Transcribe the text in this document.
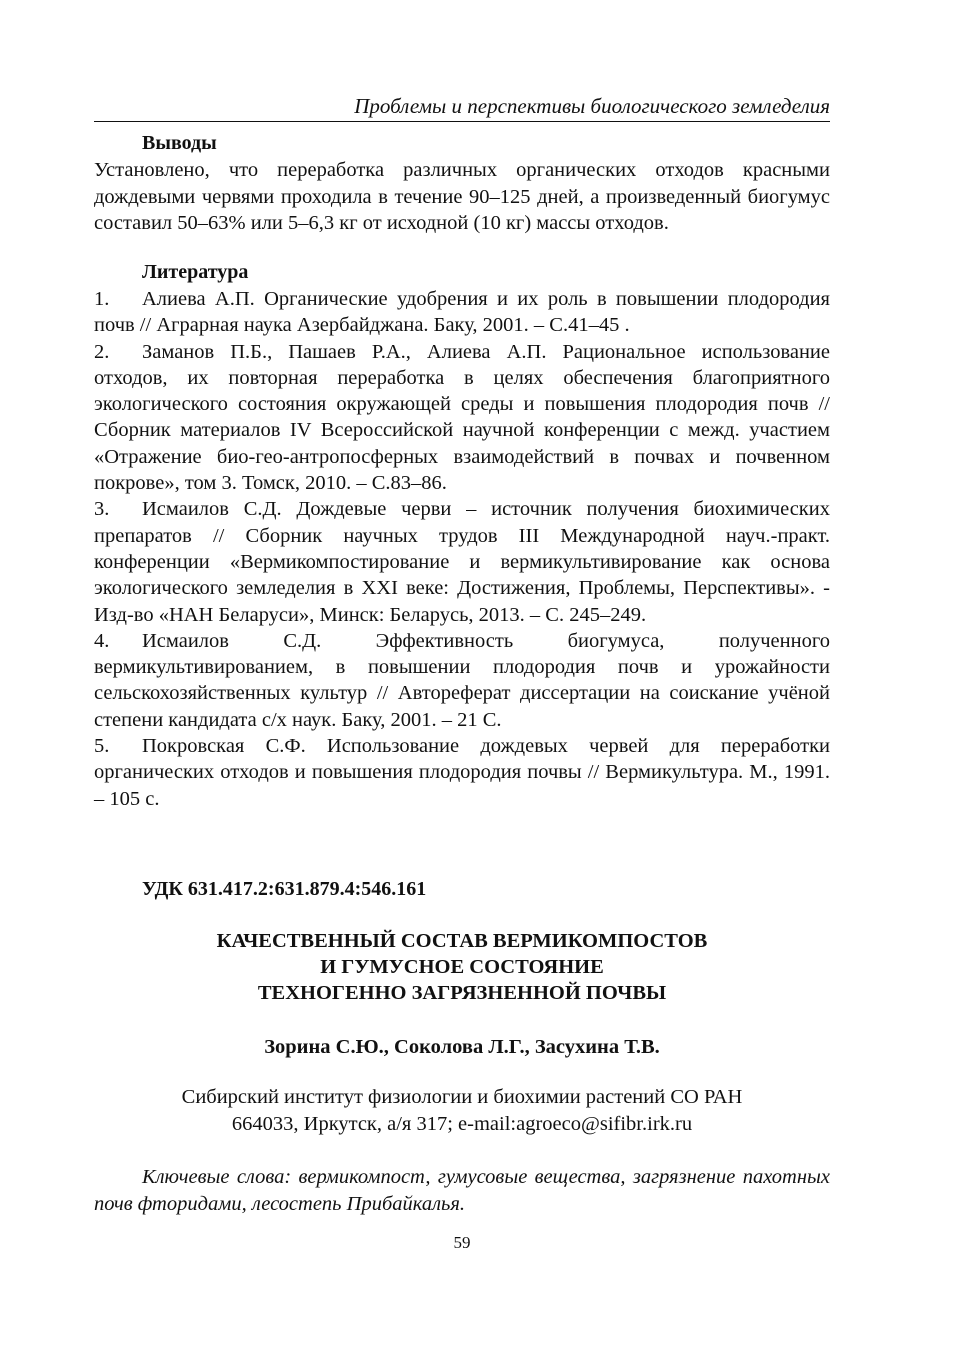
Проблемы и перспективы биологического земледелия
Выводы
Установлено, что переработка различных органических отходов красными дождевыми червями проходила в течение 90–125 дней, а произведенный биогумус составил 50–63% или 5–6,3 кг от исходной (10 кг) массы отходов.
Литература
1. Алиева А.П. Органические удобрения и их роль в повышении плодородия почв // Аграрная наука Азербайджана. Баку, 2001. – С.41–45 .
2. Заманов П.Б., Пашаев Р.А., Алиева А.П. Рациональное использование отходов, их повторная переработка в целях обеспечения благоприятного экологического состояния окружающей среды и повышения плодородия почв // Сборник материалов IV Всероссийской научной конференции с межд. участием «Отражение био-гео-антропосферных взаимодействий в почвах и почвенном покрове», том 3. Томск, 2010. – С.83–86.
3. Исмаилов С.Д. Дождевые черви – источник получения биохимических препаратов // Сборник научных трудов III Международной науч.-практ. конференции «Вермикомпостирование и вермикультивирование как основа экологического земледелия в XXI веке: Достижения, Проблемы, Перспективы». - Изд-во «НАН Беларуси», Минск: Беларусь, 2013. – С. 245–249.
4. Исмаилов С.Д. Эффективность биогумуса, полученного вермикультивированием, в повышении плодородия почв и урожайности сельскохозяйственных культур // Автореферат диссертации на соискание учёной степени кандидата с/х наук. Баку, 2001. – 21 С.
5. Покровская С.Ф. Использование дождевых червей для переработки органических отходов и повышения плодородия почвы // Вермикультура. М., 1991. – 105 с.
УДК 631.417.2:631.879.4:546.161
КАЧЕСТВЕННЫЙ СОСТАВ ВЕРМИКОМПОСТОВ
И ГУМУСНОЕ СОСТОЯНИЕ
ТЕХНОГЕННО ЗАГРЯЗНЕННОЙ ПОЧВЫ
Зорина С.Ю., Соколова Л.Г., Засухина Т.В.
Сибирский институт физиологии и биохимии растений СО РАН
664033, Иркутск, а/я 317; e-mail:agroeco@sifibr.irk.ru
Ключевые слова: вермикомпост, гумусовые вещества, загрязнение пахотных почв фторидами, лесостепь Прибайкалья.
59
